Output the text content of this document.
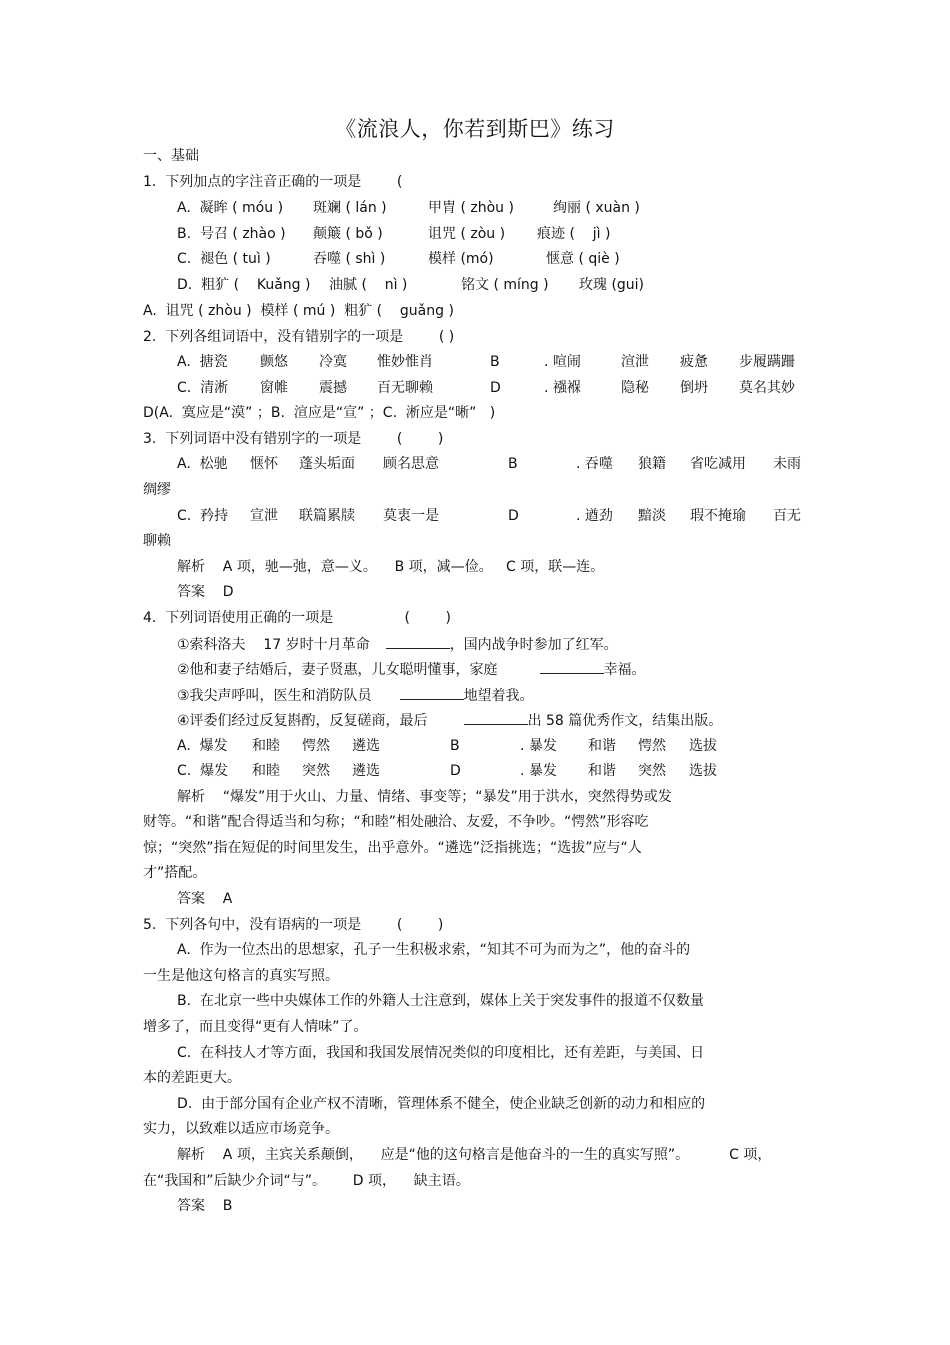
《流浪人，你若到斯巴》练习
一、基础
1.  下列加点的字注音正确的一项是        (
A.  凝眸 ( móu ) 斑斓 ( lán )	甲胄 ( zhòu )	绚丽 ( xuàn )
B.  号召 ( zhào ) 颠簸 ( bǒ )	诅咒 ( zòu ) 痕迹 (    jì )
C.  褪色 ( tuì )	吞噬 ( shì )	模样 (mó)	惬意 ( qiè )
D.  粗犷 (    Kuǎng ) 油腻 (    nì )	铭文 ( míng ) 玫瑰 (gui)
A.  诅咒 ( zhòu )  模样 ( mú )  粗犷 (    guǎng )
2.  下列各组词语中，没有错别字的一项是        ( )
A.  搪瓷 颤悠 冷寞 惟妙惟肖	B	. 喧闹	渲泄 疲惫 步履蹒跚
C.  清淅 窗帷 震撼 百无聊赖	D	. 襁褓	隐秘 倒坍 莫名其妙
D(A.  寞应是“漠” ；B.  渲应是“宣” ；C.  淅应是“晰”   )
3.  下列词语中没有错别字的一项是        (        )
A.  松驰 惬怀 蓬头垢面 顾名思意	B	. 吞噬 狼籍 省吃减用 未雨
绸缪
C.  矜持 宣泄 联篇累牍 莫衷一是	D	. 遒劲 黯淡 瑕不掩瑜 百无
聊赖
解析    A 项，驰—弛，意—义。    B 项，减—俭。   C 项，联—连。
答案    D
4.  下列词语使用正确的一项是                (        )
①索科洛夫    17 岁时十月革命	，国内战争时参加了红军。
②他和妻子结婚后，妻子贤惠，儿女聪明懂事，家庭	幸福。
③我尖声呼叫，医生和消防队员	地望着我。
④评委们经过反复斟酌，反复磋商，最后	出 58 篇优秀作文，结集出版。
A.  爆发 和睦 愕然 遴选	B	. 暴发 和谐 愕然 选拔
C.  爆发 和睦 突然 遴选	D	. 暴发 和谐 突然 选拔
解析    “爆发”用于火山、力量、情绪、事变等；“暴发”用于洪水，突然得势或发
财等。“和谐”配合得适当和匀称；“和睦”相处融洽、友爱，不争吵。“愕然”形容吃
惊；“突然”指在短促的时间里发生，出乎意外。“遴选”泛指挑选；“选拔”应与“人
才”搭配。
答案    A
5.  下列各句中，没有语病的一项是        (        )
A.  作为一位杰出的思想家，孔子一生积极求索，“知其不可为而为之”，他的奋斗的
一生是他这句格言的真实写照。
B.  在北京一些中央媒体工作的外籍人士注意到，媒体上关于突发事件的报道不仅数量
增多了，而且变得“更有人情味”了。
C.  在科技人才等方面，我国和我国发展情况类似的印度相比，还有差距，与美国、日
本的差距更大。
D.  由于部分国有企业产权不清晰，管理体系不健全，使企业缺乏创新的动力和相应的
实力，以致难以适应市场竞争。
解析    A 项，主宾关系颠倒，    应是“他的这句格言是他奋斗的一生的真实写照”。         C 项，
在“我国和”后缺少介词“与”。      D 项，    缺主语。
答案    B
